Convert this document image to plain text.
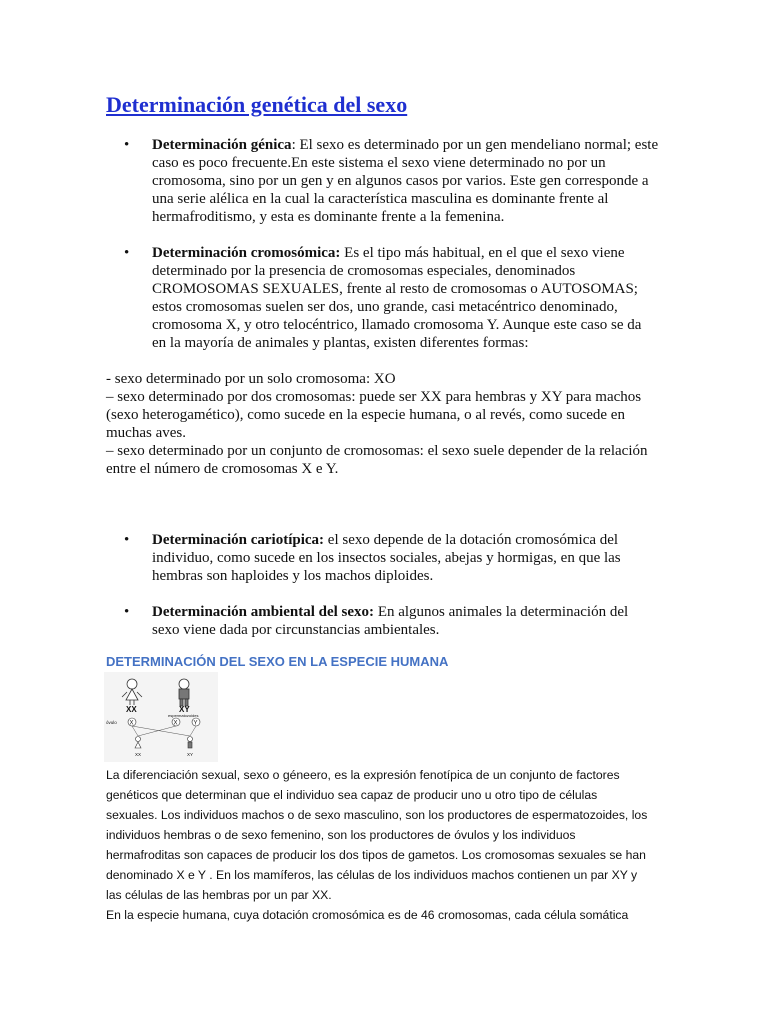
Determinación genética del sexo
• Determinación génica: El sexo es determinado por un gen mendeliano normal; este
caso es poco frecuente.En este sistema el sexo viene determinado no por un
cromosoma, sino por un gen y en algunos casos por varios. Este gen corresponde a
una serie alélica en la cual la característica masculina es dominante frente al
hermafroditismo, y esta es dominante frente a la femenina.
• Determinación cromosómica: Es el tipo más habitual, en el que el sexo viene
determinado por la presencia de cromosomas especiales, denominados
CROMOSOMAS SEXUALES, frente al resto de cromosomas o AUTOSOMAS;
estos cromosomas suelen ser dos, uno grande, casi metacéntrico denominado,
cromosoma X, y otro telocéntrico, llamado cromosoma Y. Aunque este caso se da
en la mayoría de animales y plantas, existen diferentes formas:
- sexo determinado por un solo cromosoma: XO
– sexo determinado por dos cromosomas: puede ser XX para hembras y XY para machos
(sexo heterogamético), como sucede en la especie humana, o al revés, como sucede en
muchas aves.
– sexo determinado por un conjunto de cromosomas: el sexo suele depender de la relación
entre el número de cromosomas X e Y.
• Determinación cariotípica: el sexo depende de la dotación cromosómica del
individuo, como sucede en los insectos sociales, abejas y hormigas, en que las
hembras son haploides y los machos diploides.
• Determinación ambiental del sexo: En algunos animales la determinación del
sexo viene dada por circunstancias ambientales.
DETERMINACIÓN DEL SEXO EN LA ESPECIE HUMANA
XX	XY
espermatozoides
óvulo X	X	Y
XX	XY
La diferenciación sexual, sexo o géneero, es la expresión fenotípica de un conjunto de factores
genéticos que determinan que el individuo sea capaz de producir uno u otro tipo de células
sexuales. Los individuos machos o de sexo masculino, son los productores de espermatozoides, los
individuos hembras o de sexo femenino, son los productores de óvulos y los individuos
hermafroditas son capaces de producir los dos tipos de gametos. Los cromosomas sexuales se han
denominado X e Y . En los mamíferos, las células de los individuos machos contienen un par XY y
las células de las hembras por un par XX.
En la especie humana, cuya dotación cromosómica es de 46 cromosomas, cada célula somática
